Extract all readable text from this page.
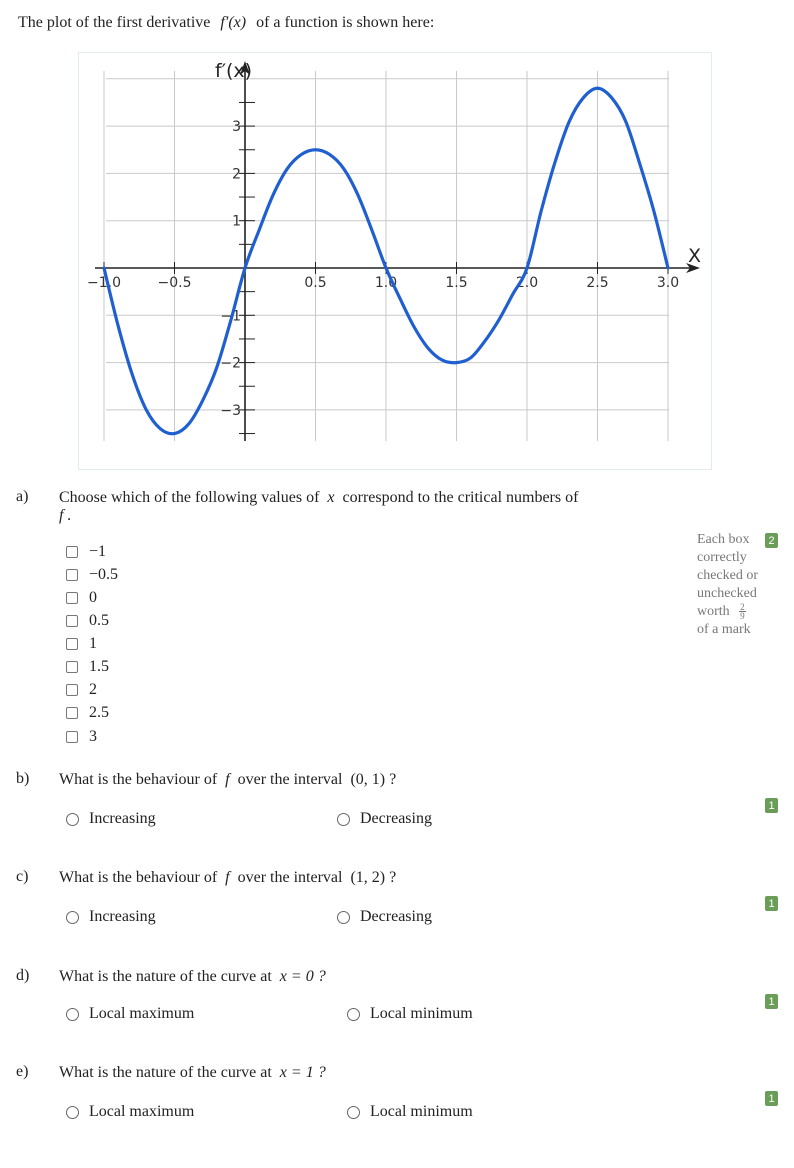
The plot of the first derivative f′(x) of a function is shown here:
−1.0	−0.5	0.5	1.0	1.5	2.0	2.5	3.0
3
2
1
−1
−2
−3
f′(x)
X
a) Choose which of the following values of x correspond to the critical numbers of
f .
−1
−0.5
0
0.5
1
1.5
2
2.5
3
Each box correctly checked or unchecked worth $\frac{2}{9}$

of a mark
2
b) What is the behaviour of f over the interval (0, 1) ?
Increasing	Decreasing
1
c) What is the behaviour of f over the interval (1, 2) ?
Increasing	Decreasing
1
d) What is the nature of the curve at x = 0 ?
Local maximum	Local minimum
1
e) What is the nature of the curve at x = 1 ?
Local maximum	Local minimum
1
